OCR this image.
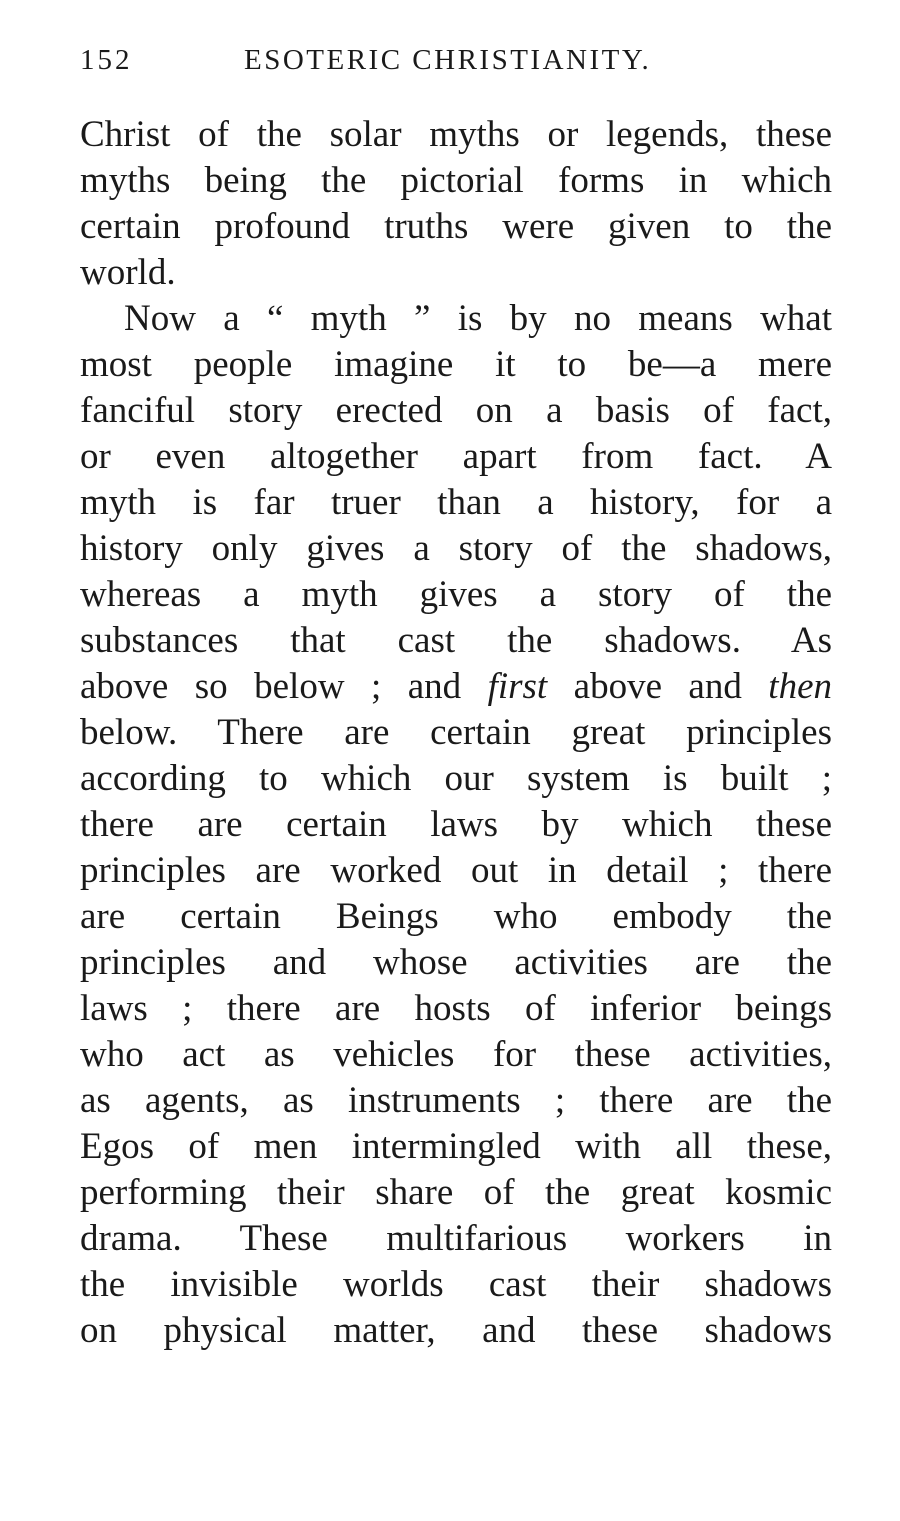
152	ESOTERIC CHRISTIANITY.
Christ of the solar myths or legends, these
myths being the pictorial forms in which
certain profound truths were given to the
world.
Now a “ myth ” is by no means what
most people imagine it to be—a mere
fanciful story erected on a basis of fact,
or even altogether apart from fact. A
myth is far truer than a history, for a
history only gives a story of the shadows,
whereas a myth gives a story of the
substances that cast the shadows. As
above so below ; and first above and then
below. There are certain great principles
according to which our system is built ;
there are certain laws by which these
principles are worked out in detail ; there
are certain Beings who embody the
principles and whose activities are the
laws ; there are hosts of inferior beings
who act as vehicles for these activities,
as agents, as instruments ; there are the
Egos of men intermingled with all these,
performing their share of the great kosmic
drama. These multifarious workers in
the invisible worlds cast their shadows
on physical matter, and these shadows
